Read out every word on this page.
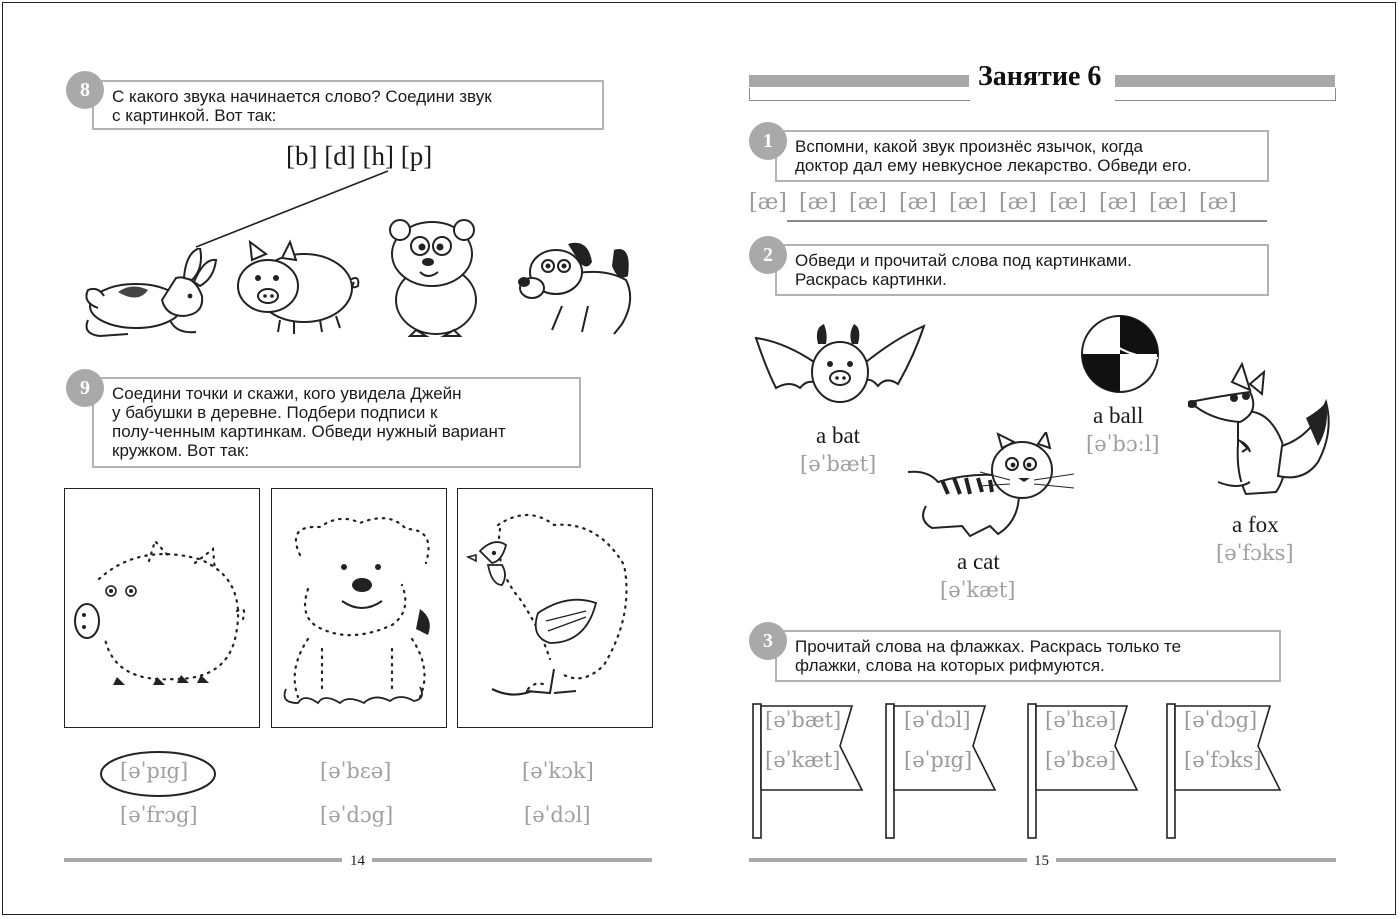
С какого звука начинается слово? Соедини звук
с картинкой. Вот так:
8
[b] [d] [h] [p]
Соедини точки и скажи, кого увидела Джейн
у бабушки в деревне. Подбери подписи к
полу-ченным картинкам. Обведи нужный вариант
кружком. Вот так:
9
[əˈpɪg]
[əˈfrɔg]
[əˈbɛə]
[əˈdɔg]
[əˈkɔk]
[əˈdɔl]
14
Занятие 6
Вспомни, какой звук произнёс язычок, когда
доктор дал ему невкусное лекарство. Обведи его.
1
[æ] [æ] [æ] [æ] [æ] [æ] [æ] [æ] [æ] [æ]
Обведи и прочитай слова под картинками.
Раскрась картинки.
2
a bat
[əˈbæt]
a ball
[əˈbɔːl]
a cat
[əˈkæt]
a fox
[əˈfɔks]
Прочитай слова на флажках. Раскрась только те
флажки, слова на которых рифмуются.
3
[əˈbæt]
[əˈkæt]
[əˈdɔl]
[əˈpɪg]
[əˈhɛə]
[əˈbɛə]
[əˈdɔg]
[əˈfɔks]
15
